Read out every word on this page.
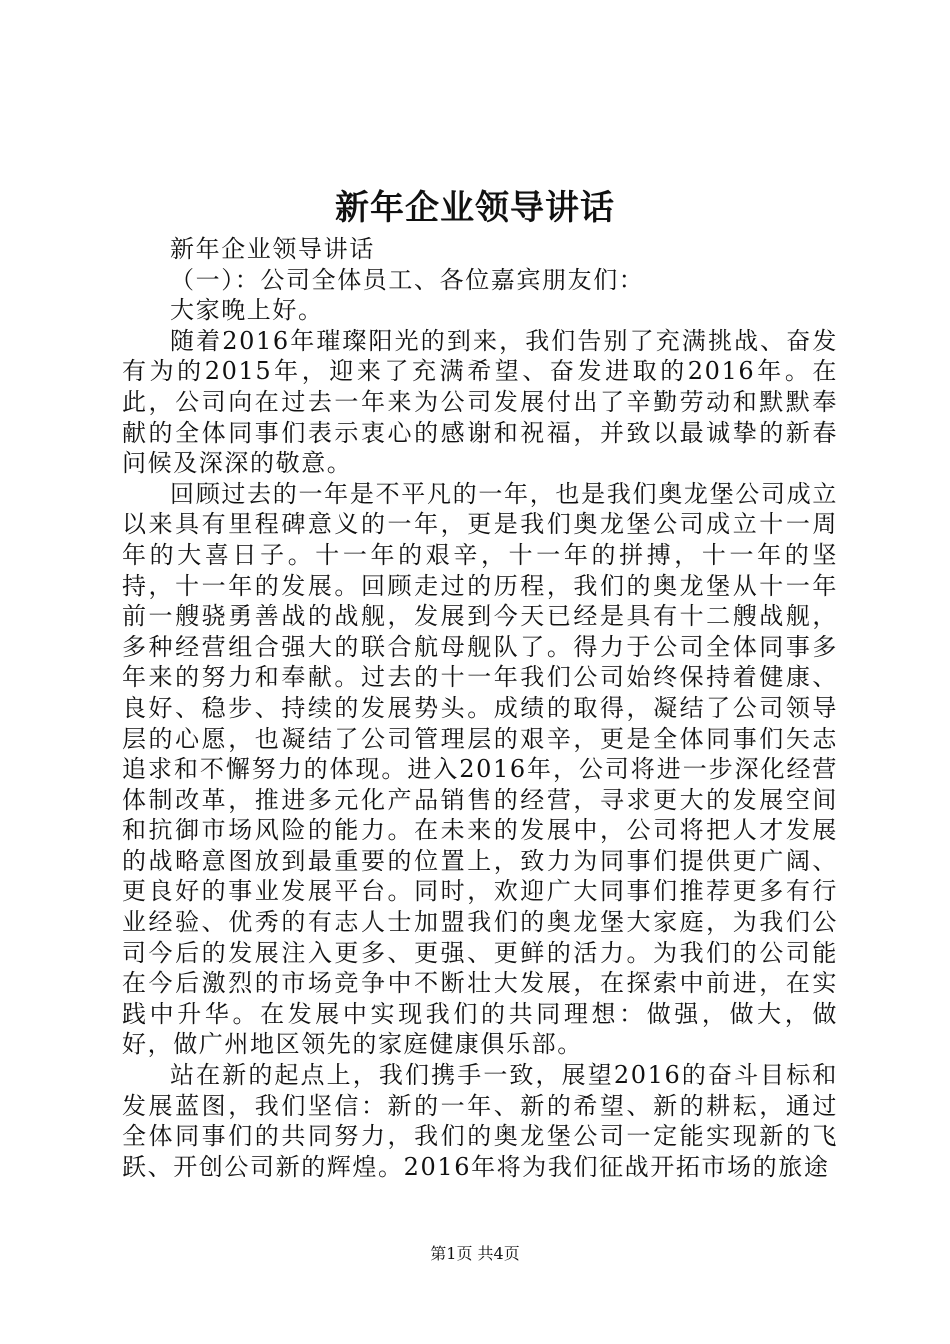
新年企业领导讲话

新年企业领导讲话

（一）：公司全体员工、各位嘉宾朋友们：

大家晚上好。

随着2016年璀璨阳光的到来，我们告别了充满挑战、奋发有为的2015年，迎来了充满希望、奋发进取的2016年。在此，公司向在过去一年来为公司发展付出了辛勤劳动和默默奉献的全体同事们表示衷心的感谢和祝福，并致以最诚挚的新春问候及深深的敬意。

回顾过去的一年是不平凡的一年，也是我们奥龙堡公司成立以来具有里程碑意义的一年，更是我们奥龙堡公司成立十一周年的大喜日子。十一年的艰辛，十一年的拼搏，十一年的坚持，十一年的发展。回顾走过的历程，我们的奥龙堡从十一年前一艘骁勇善战的战舰，发展到今天已经是具有十二艘战舰，多种经营组合强大的联合航母舰队了。得力于公司全体同事多年来的努力和奉献。过去的十一年我们公司始终保持着健康、良好、稳步、持续的发展势头。成绩的取得，凝结了公司领导层的心愿，也凝结了公司管理层的艰辛，更是全体同事们矢志追求和不懈努力的体现。进入2016年，公司将进一步深化经营体制改革，推进多元化产品销售的经营，寻求更大的发展空间和抗御市场风险的能力。在未来的发展中，公司将把人才发展的战略意图放到最重要的位置上，致力为同事们提供更广阔、更良好的事业发展平台。同时，欢迎广大同事们推荐更多有行业经验、优秀的有志人士加盟我们的奥龙堡大家庭，为我们公司今后的发展注入更多、更强、更鲜的活力。为我们的公司能在今后激烈的市场竞争中不断壮大发展，在探索中前进，在实践中升华。在发展中实现我们的共同理想：做强，做大，做好，做广州地区领先的家庭健康俱乐部。

站在新的起点上，我们携手一致，展望2016的奋斗目标和发展蓝图，我们坚信：新的一年、新的希望、新的耕耘，通过全体同事们的共同努力，我们的奥龙堡公司一定能实现新的飞跃、开创公司新的辉煌。2016年将为我们征战开拓市场的旅途

第1页 共4页
